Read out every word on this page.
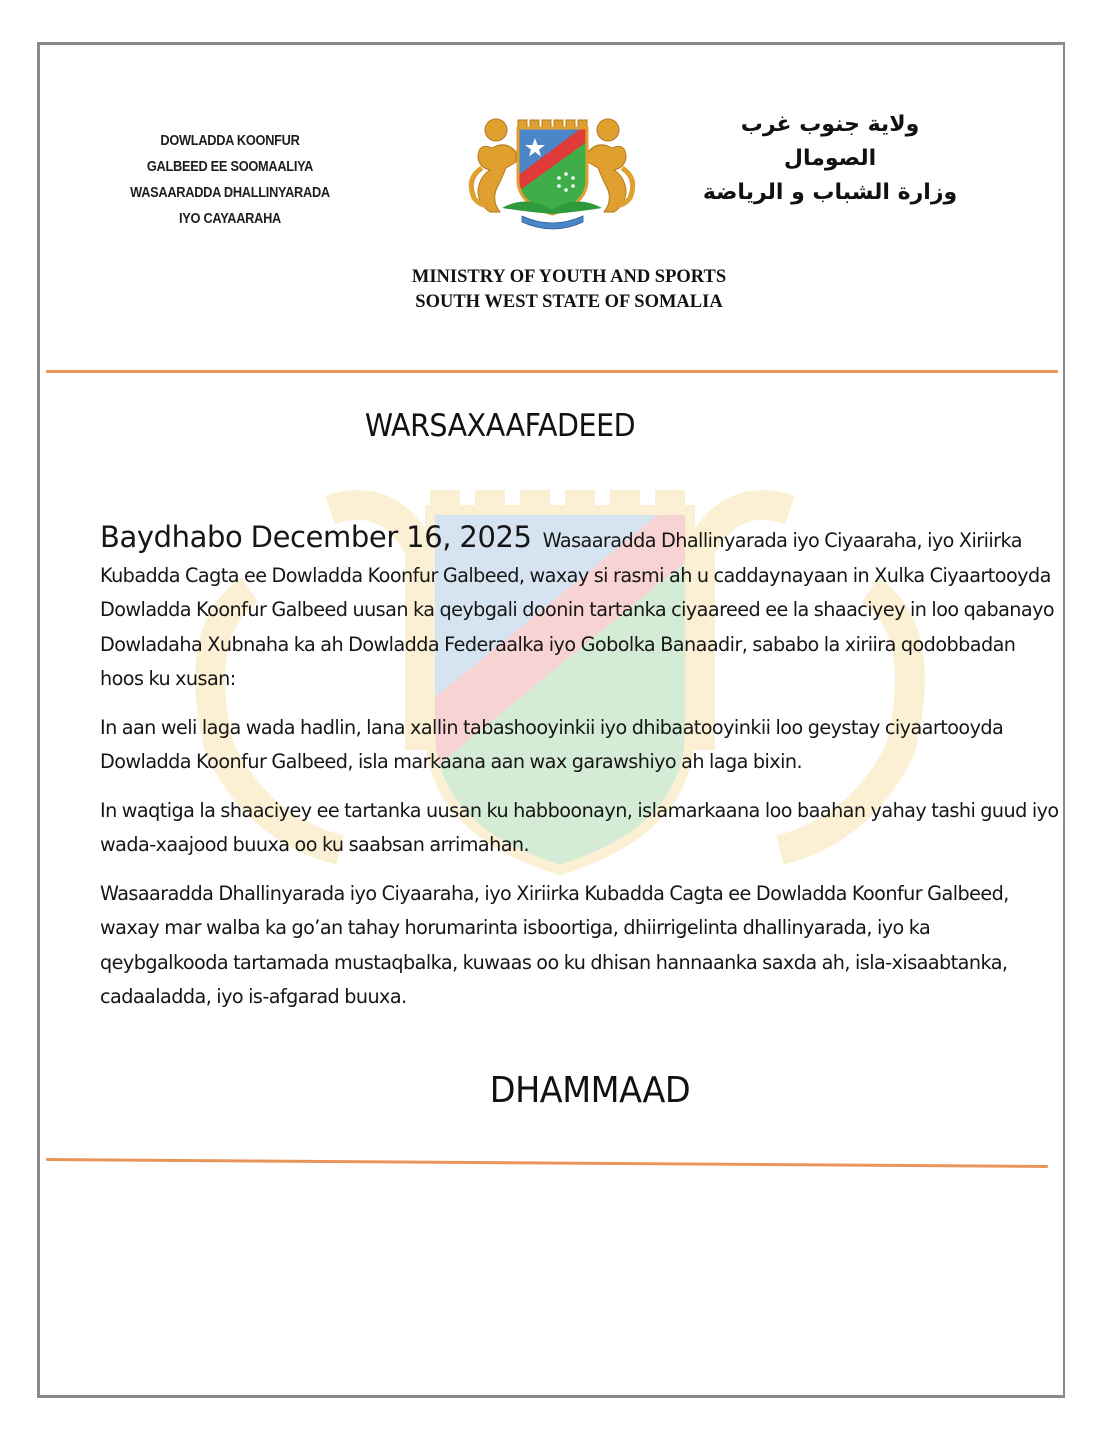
DOWLADDA KOONFUR
GALBEED EE SOOMAALIYA
WASAARADDA DHALLINYARADA
IYO CAYAARAHA
ولاية جنوب غرب الصومال
وزارة الشباب و الرياضة
MINISTRY OF YOUTH AND SPORTS
SOUTH WEST STATE OF SOMALIA
WARSAXAAFADEED

Baydhabo December 16, 2025 Wasaaradda Dhallinyarada iyo Ciyaaraha, iyo Xiriirka Kubadda Cagta ee Dowladda Koonfur Galbeed, waxay si rasmi ah u caddaynayaan in Xulka Ciyaartooyda Dowladda Koonfur Galbeed uusan ka qeybgali doonin tartanka ciyaareed ee la shaaciyey in loo qabanayo Dowladaha Xubnaha ka ah Dowladda Federaalka iyo Gobolka Banaadir, sababo la xiriira qodobbadan hoos ku xusan:

In aan weli laga wada hadlin, lana xallin tabashooyinkii iyo dhibaatooyinkii loo geystay ciyaartooyda Dowladda Koonfur Galbeed, isla markaana aan wax garawshiyo ah laga bixin.

In waqtiga la shaaciyey ee tartanka uusan ku habboonayn, islamarkaana loo baahan yahay tashi guud iyo wada-xaajood buuxa oo ku saabsan arrimahan.

Wasaaradda Dhallinyarada iyo Ciyaaraha, iyo Xiriirka Kubadda Cagta ee Dowladda Koonfur Galbeed, waxay mar walba ka go’an tahay horumarinta isboortiga, dhiirrigelinta dhallinyarada, iyo ka qeybgalkooda tartamada mustaqbalka, kuwaas oo ku dhisan hannaanka saxda ah, isla-xisaabtanka, cadaaladda, iyo is-afgarad buuxa.

DHAMMAAD
